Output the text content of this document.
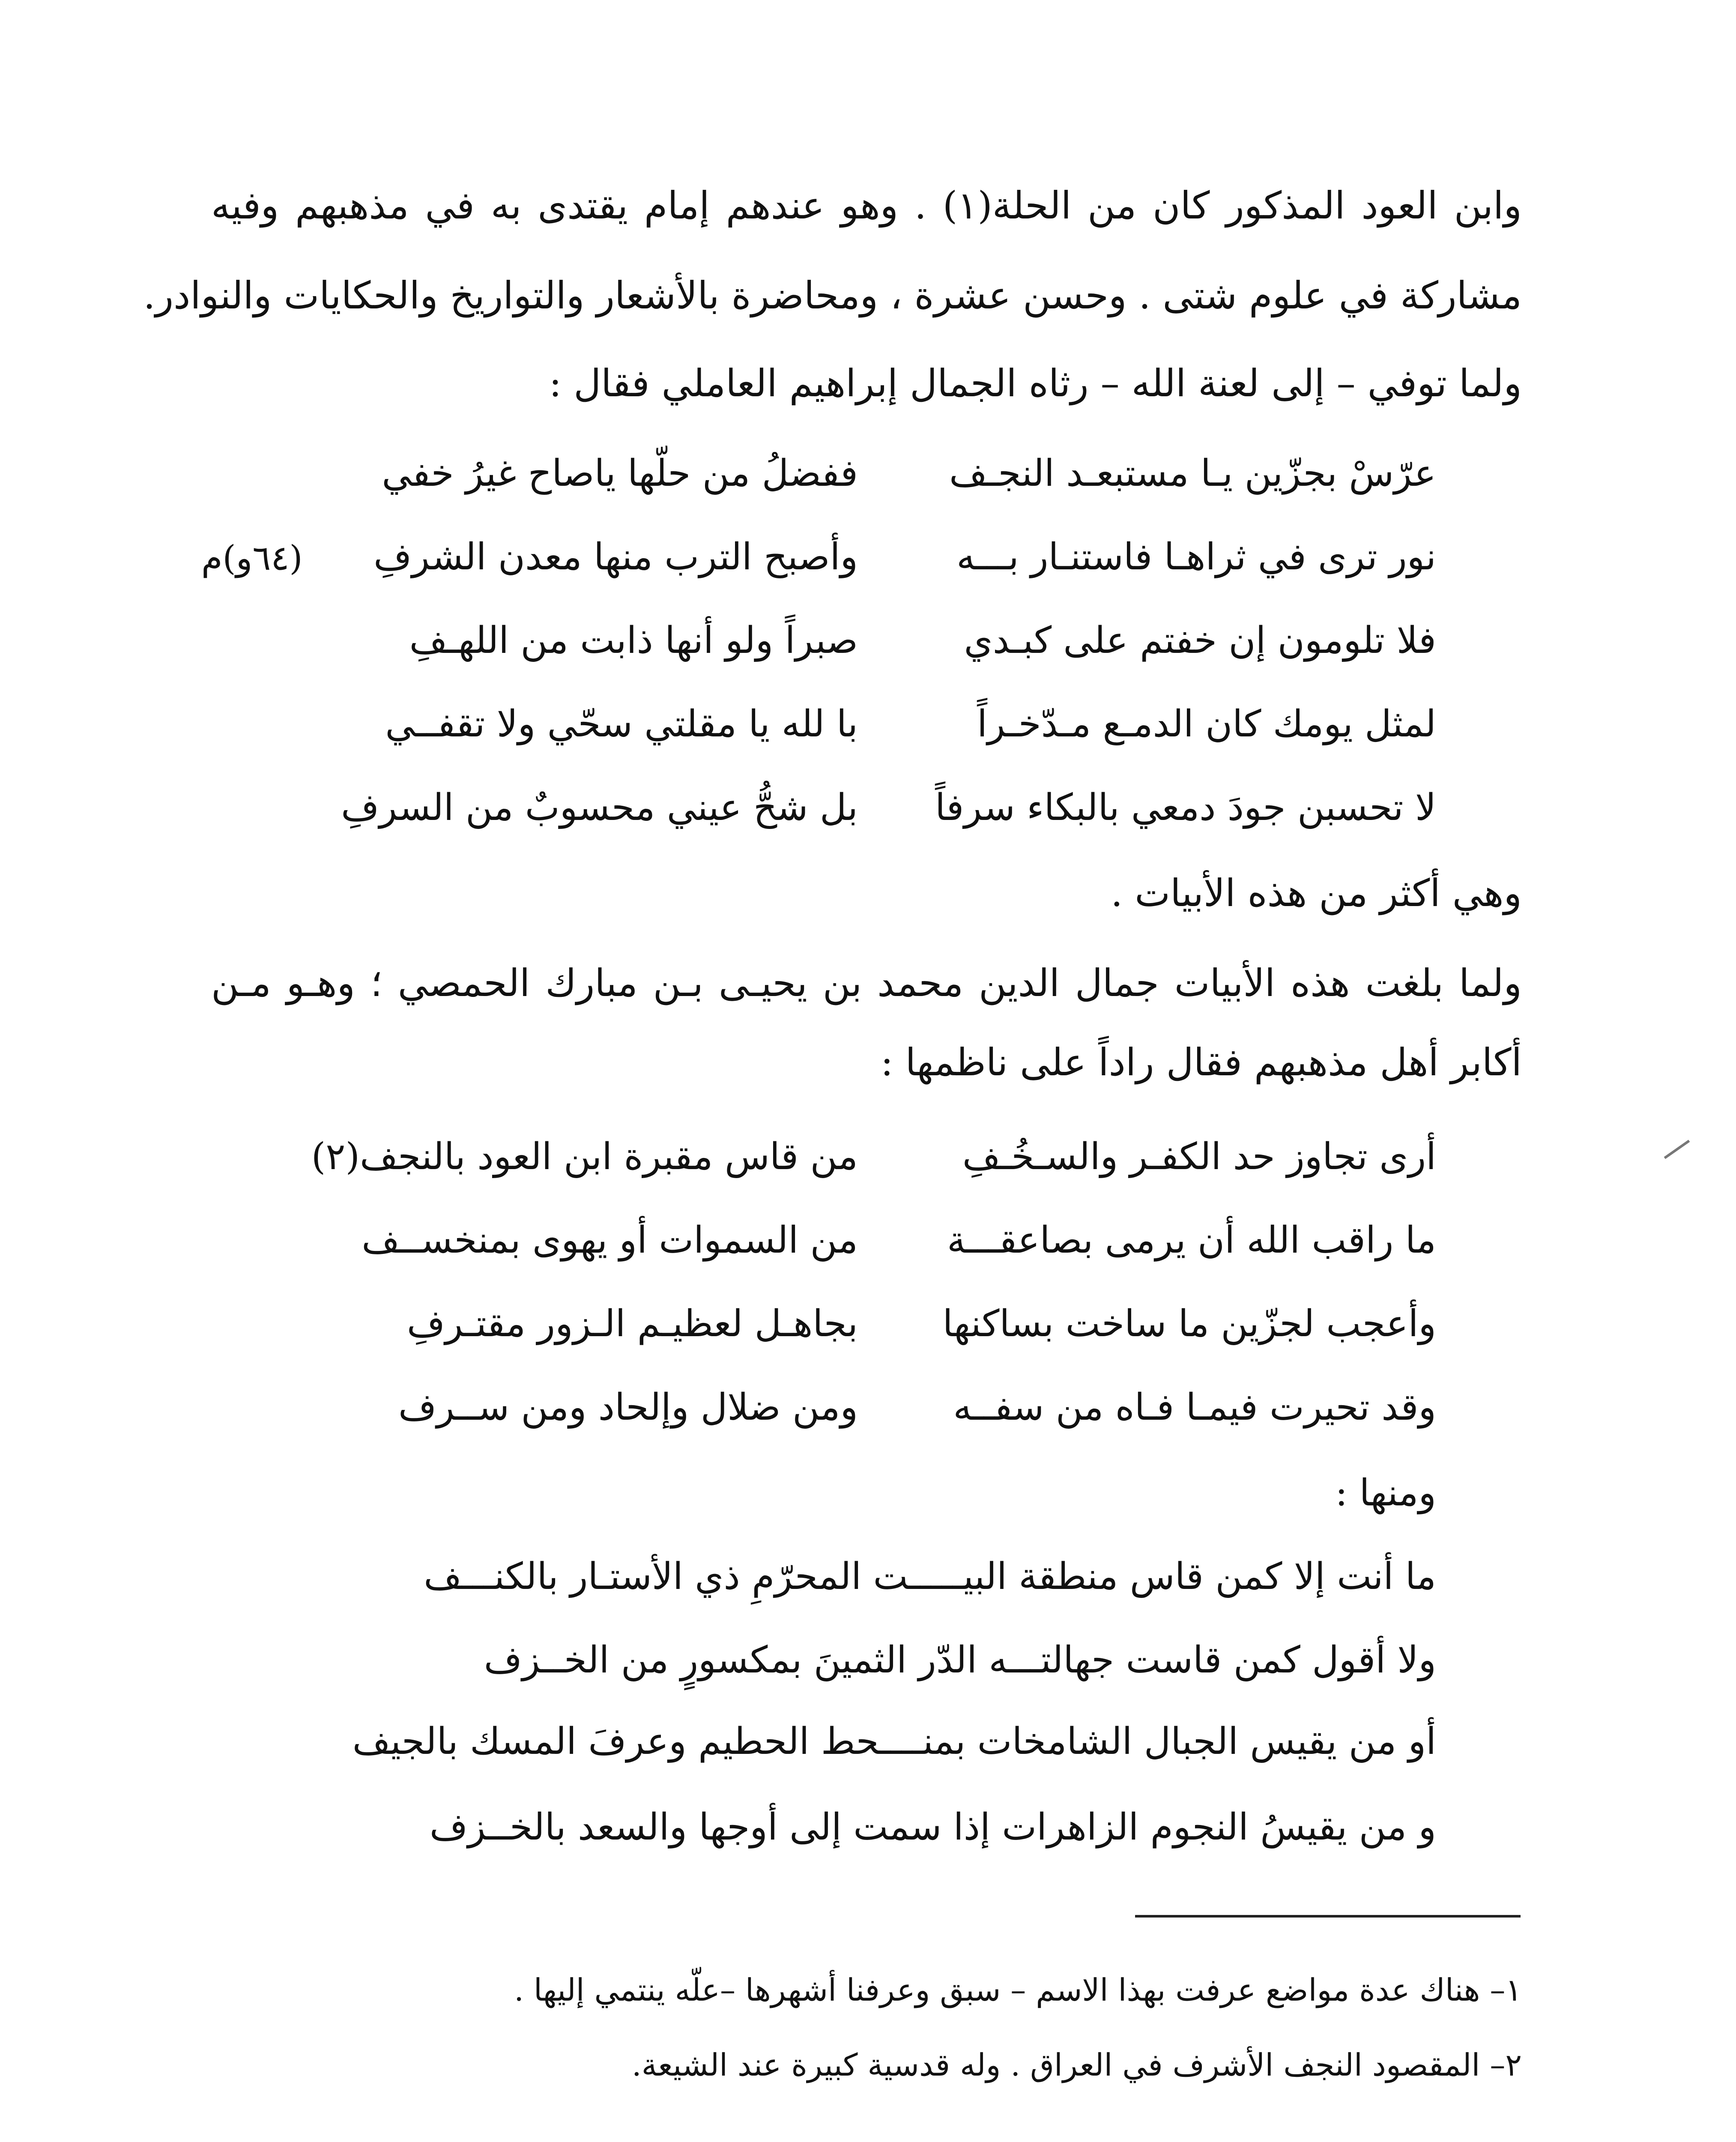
وابن العود المذكور كان من الحلة(١) . وهو عندهم إمام يقتدى به في مذهبهم وفيه
مشاركة في علوم شتى . وحسن عشرة ، ومحاضرة بالأشعار والتواريخ والحكايات والنوادر.
ولما توفي – إلى لعنة الله – رثاه الجمال إبراهيم العاملي فقال :
عرّسْ بجزّين يـا مستبعـد النجـف
ففضلُ من حلّها ياصاح غيرُ خفي
نور ترى في ثراهـا فاستنـار بـــه
وأصبح الترب منها معدن الشرفِ
(٦٤و)م
فلا تلومون إن خفتم على كبـدي
صبراً ولو أنها ذابت من اللهـفِ
لمثل يومك كان الدمـع مـدّخـراً
با لله يا مقلتي سحّي ولا تقفــي
لا تحسبن جودَ دمعي بالبكاء سرفاً
بل شحُّ عيني محسوبٌ من السرفِ
وهي أكثر من هذه الأبيات .
ولما بلغت هذه الأبيات جمال الدين محمد بن يحيـى بـن مبارك الحمصي ؛ وهـو مـن
أكابر أهل مذهبهم فقال راداً على ناظمها :
أرى تجاوز حد الكفـر والسـخُـفِ
من قاس مقبرة ابن العود بالنجف(٢)
ما راقب الله أن يرمى بصاعقـــة
من السموات أو يهوى بمنخســف
وأعجب لجزّين ما ساخت بساكنها
بجاهـل لعظيـم الـزور مقتـرفِ
وقد تحيرت فيمـا فـاه من سفــه
ومن ضلال وإلحاد ومن ســرف
ومنها :
ما أنت إلا كمن قاس منطقة البيـــــت المحرّمِ ذي الأستـار بالكنـــف
ولا أقول كمن قاست جهالتـــه الدّر الثمينَ بمكسورٍ من الخــزف
أو من يقيس الجبال الشامخات بمنــــحط الحطيم وعرفَ المسك بالجيف
و من يقيسُ النجوم الزاهرات إذا سمت إلى أوجها والسعد بالخــزف
١– هناك عدة مواضع عرفت بهذا الاسم – سبق وعرفنا أشهرها –علّه ينتمي إليها .
٢– المقصود النجف الأشرف في العراق . وله قدسية كبيرة عند الشيعة.
